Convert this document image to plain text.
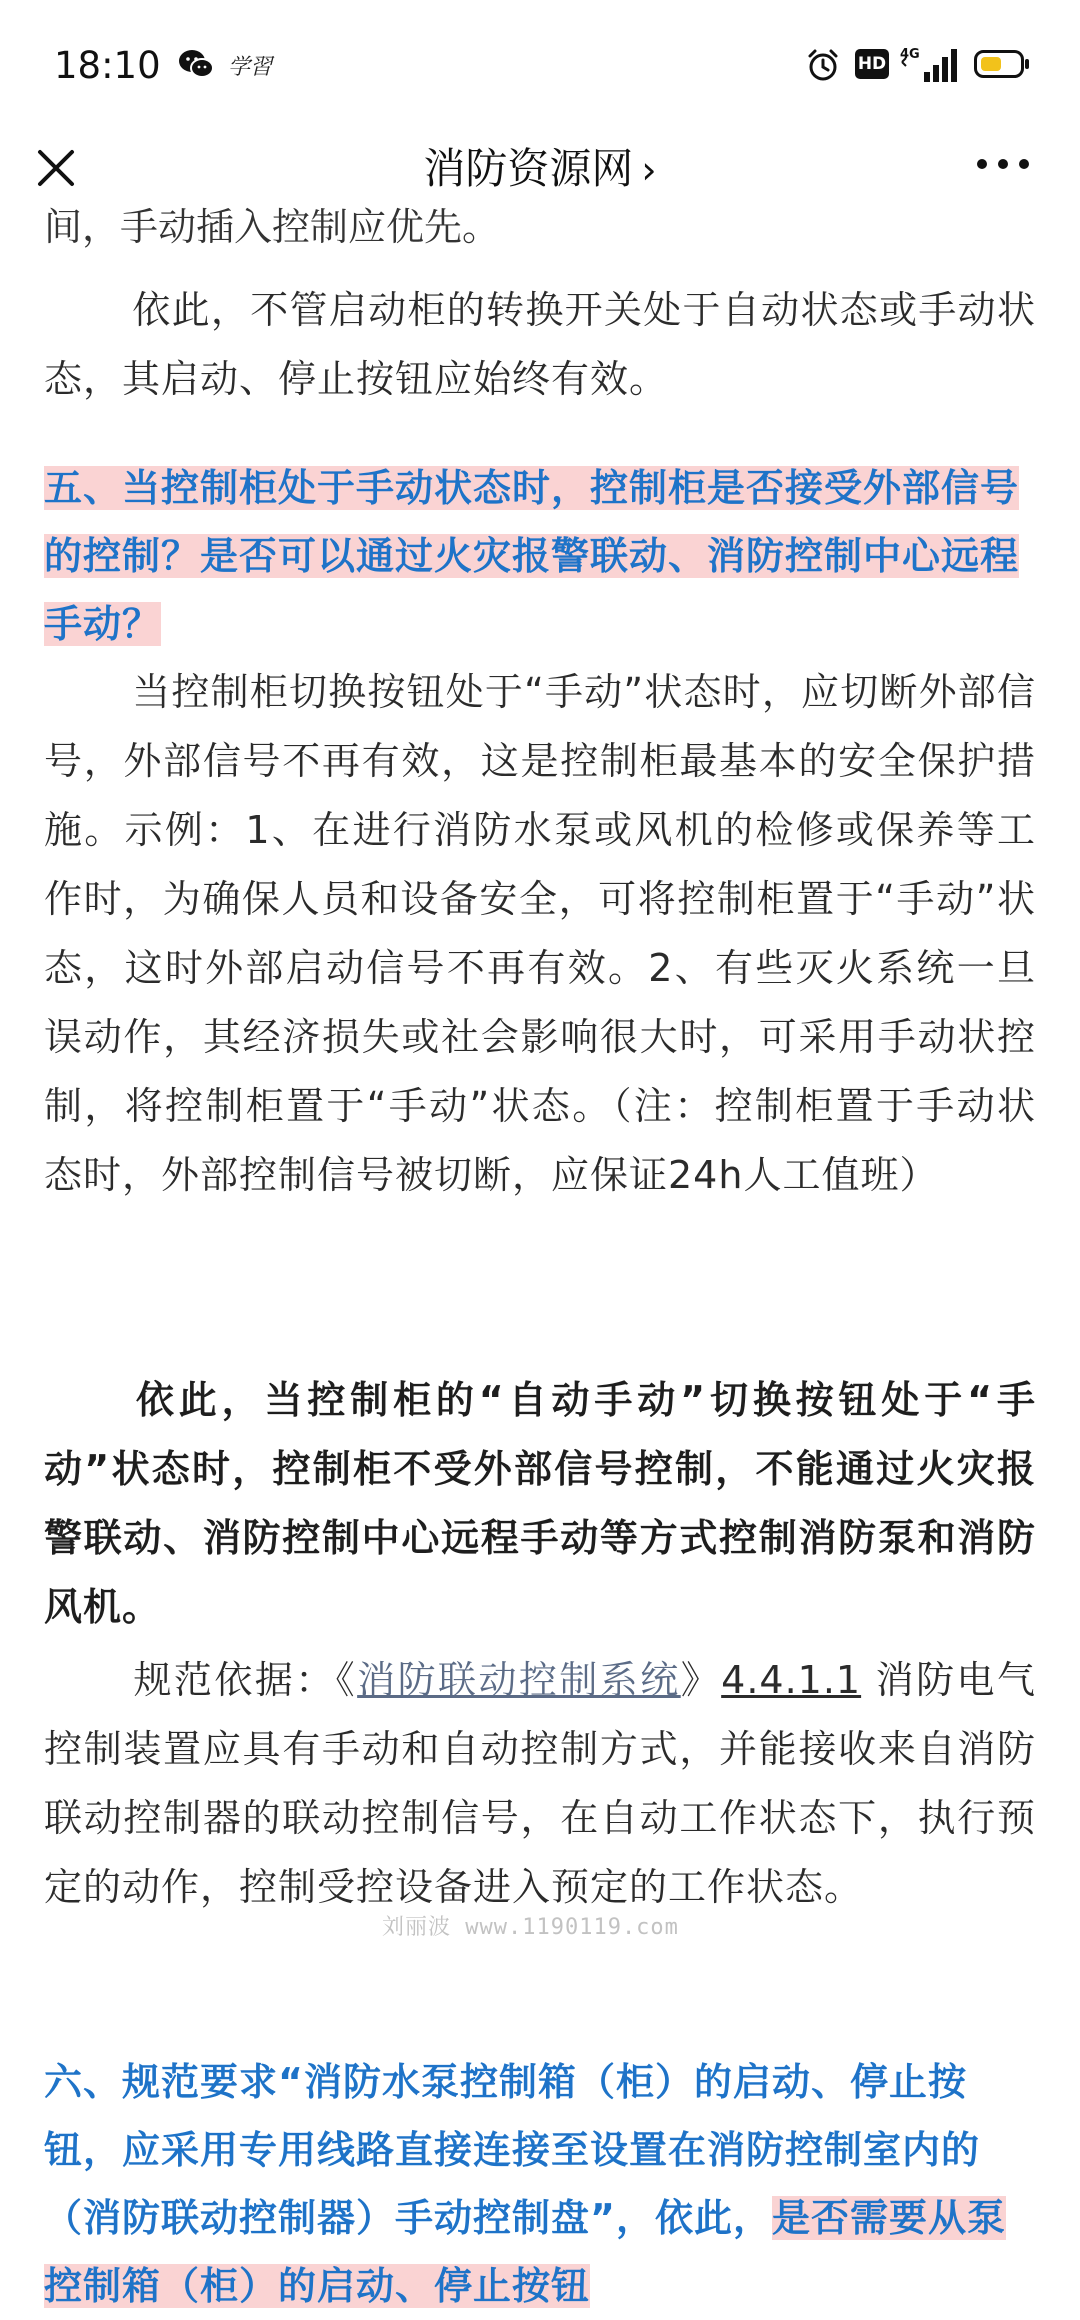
18:10	学習	HD 4G
消防资源网 ›
间，手动插入控制应优先。

依此，不管启动柜的转换开关处于自动状态或手动状态，其启动、停止按钮应始终有效。

五、当控制柜处于手动状态时，控制柜是否接受外部信号的控制？是否可以通过火灾报警联动、消防控制中心远程手动？

当控制柜切换按钮处于“手动”状态时，应切断外部信号，外部信号不再有效，这是控制柜最基本的安全保护措施。示例：1、在进行消防水泵或风机的检修或保养等工作时，为确保人员和设备安全，可将控制柜置于“手动”状态，这时外部启动信号不再有效。2、有些灭火系统一旦误动作，其经济损失或社会影响很大时，可采用手动状控制，将控制柜置于“手动”状态。（注：控制柜置于手动状态时，外部控制信号被切断，应保证24h人工值班）

依此，当控制柜的“自动手动”切换按钮处于“手动”状态时，控制柜不受外部信号控制，不能通过火灾报警联动、消防控制中心远程手动等方式控制消防泵和消防风机。

规范依据：《消防联动控制系统》4.4.1.1 消防电气控制装置应具有手动和自动控制方式，并能接收来自消防联动控制器的联动控制信号，在自动工作状态下，执行预定的动作，控制受控设备进入预定的工作状态。

刘丽波 www.1190119.com

六、规范要求“消防水泵控制箱（柜）的启动、停止按钮，应采用专用线路直接连接至设置在消防控制室内的（消防联动控制器）手动控制盘”，依此，是否需要从泵控制箱（柜）的启动、停止按钮
